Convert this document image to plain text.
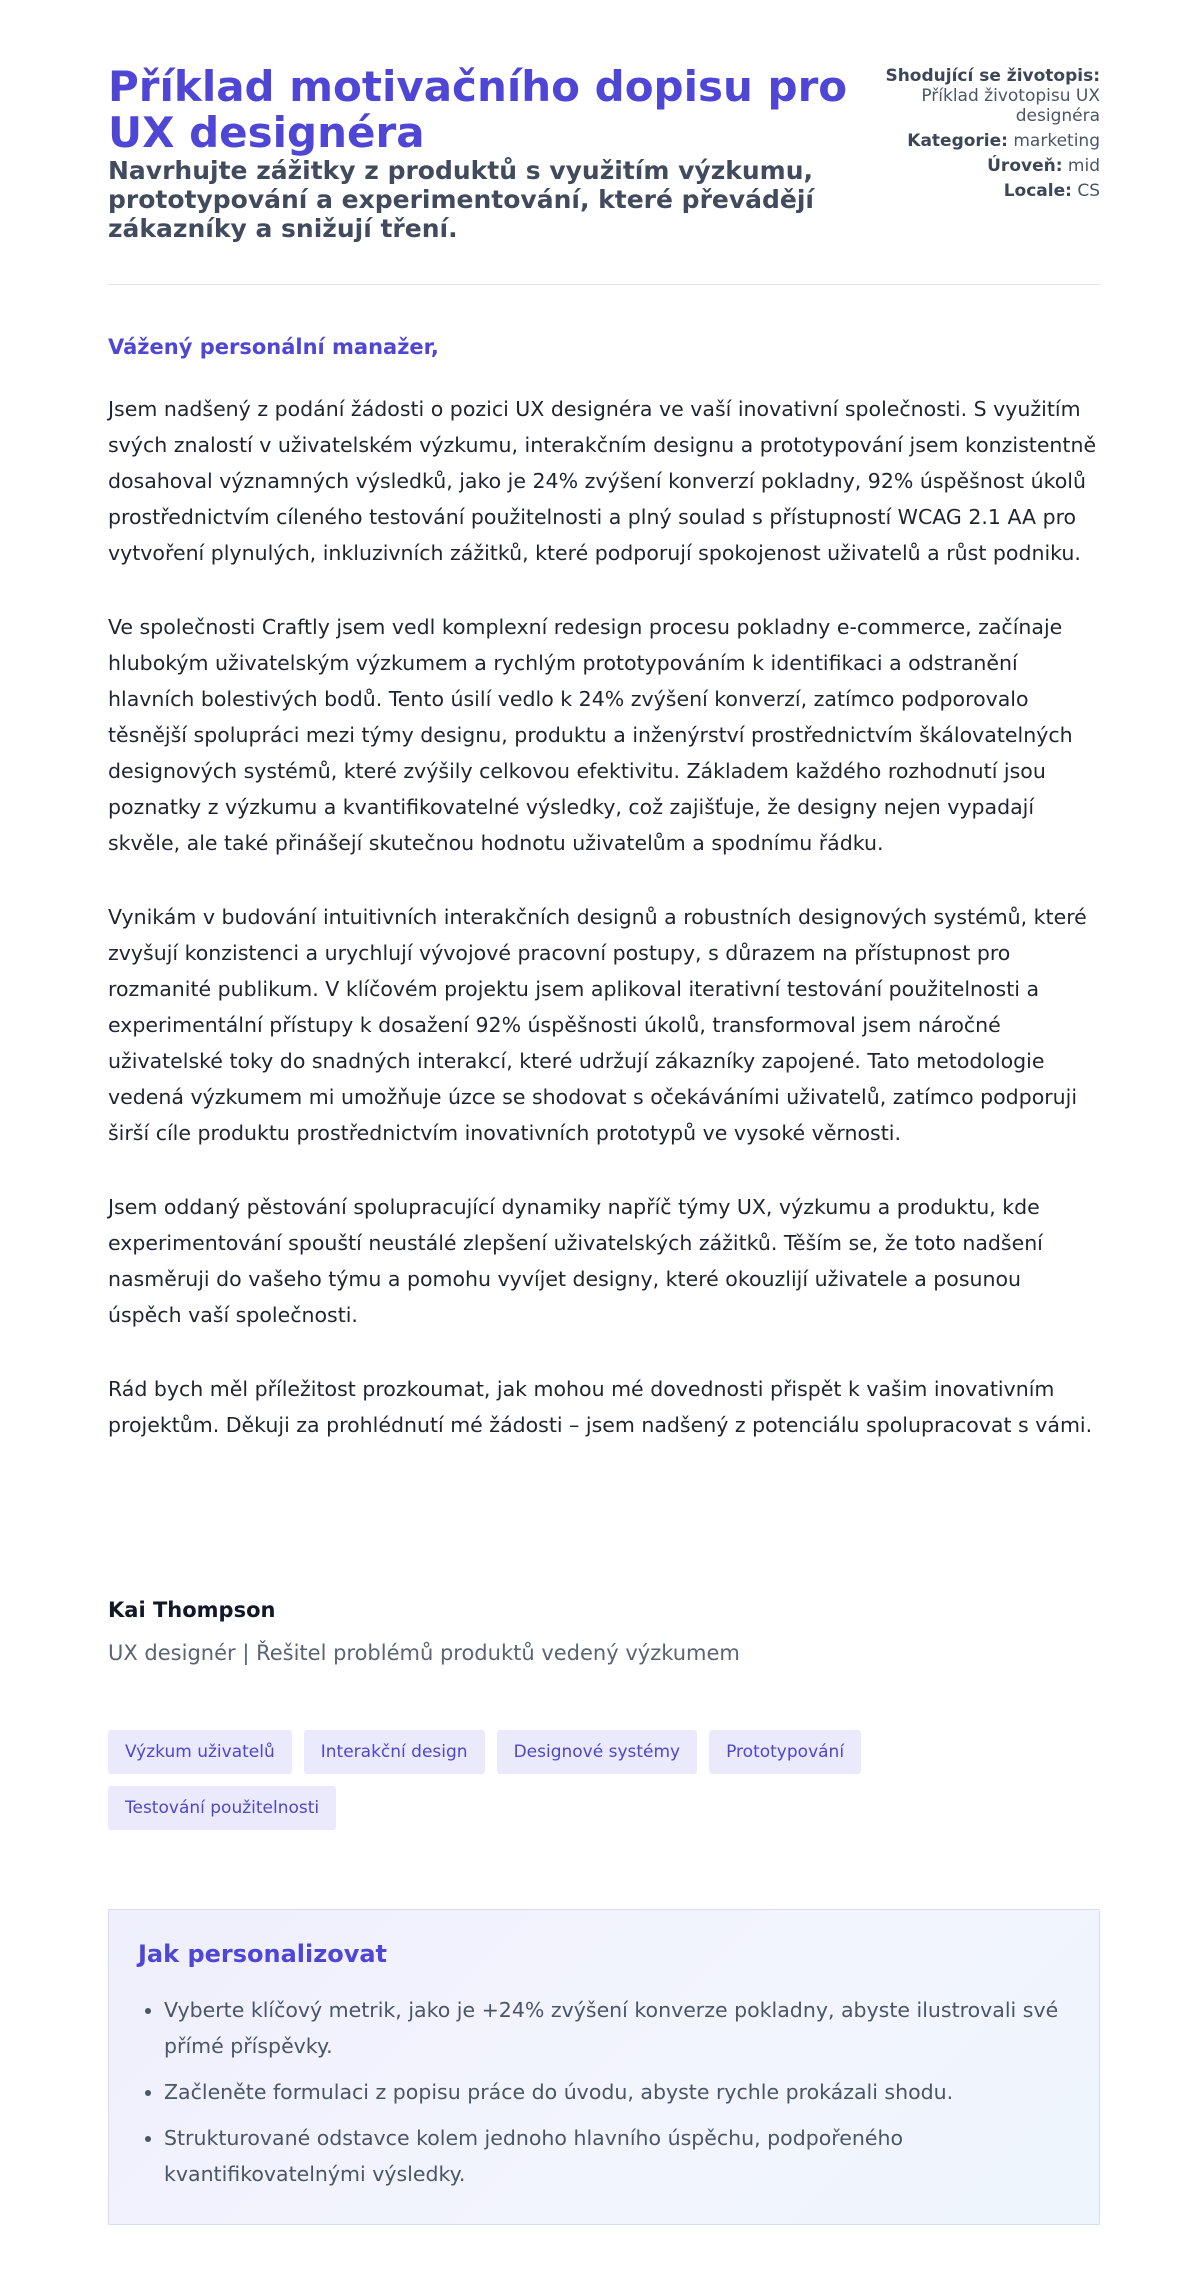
Příklad motivačního dopisu pro UX designéra
Navrhujte zážitky z produktů s využitím výzkumu, prototypování a experimentování, které převádějí zákazníky a snižují tření.
Shodující se životopis: Příklad životopisu UX designéra
Kategorie: marketing
Úroveň: mid
Locale: CS

Vážený personální manažer,

Jsem nadšený z podání žádosti o pozici UX designéra ve vaší inovativní společnosti. S využitím svých znalostí v uživatelském výzkumu, interakčním designu a prototypování jsem konzistentně dosahoval významných výsledků, jako je 24% zvýšení konverzí pokladny, 92% úspěšnost úkolů prostřednictvím cíleného testování použitelnosti a plný soulad s přístupností WCAG 2.1 AA pro vytvoření plynulých, inkluzivních zážitků, které podporují spokojenost uživatelů a růst podniku.

Ve společnosti Craftly jsem vedl komplexní redesign procesu pokladny e-commerce, začínaje hlubokým uživatelským výzkumem a rychlým prototypováním k identifikaci a odstranění hlavních bolestivých bodů. Tento úsilí vedlo k 24% zvýšení konverzí, zatímco podporovalo těsnější spolupráci mezi týmy designu, produktu a inženýrství prostřednictvím škálovatelných designových systémů, které zvýšily celkovou efektivitu. Základem každého rozhodnutí jsou poznatky z výzkumu a kvantifikovatelné výsledky, což zajišťuje, že designy nejen vypadají skvěle, ale také přinášejí skutečnou hodnotu uživatelům a spodnímu řádku.

Vynikám v budování intuitivních interakčních designů a robustních designových systémů, které zvyšují konzistenci a urychlují vývojové pracovní postupy, s důrazem na přístupnost pro rozmanité publikum. V klíčovém projektu jsem aplikoval iterativní testování použitelnosti a experimentální přístupy k dosažení 92% úspěšnosti úkolů, transformoval jsem náročné uživatelské toky do snadných interakcí, které udržují zákazníky zapojené. Tato metodologie vedená výzkumem mi umožňuje úzce se shodovat s očekáváními uživatelů, zatímco podporuji širší cíle produktu prostřednictvím inovativních prototypů ve vysoké věrnosti.

Jsem oddaný pěstování spolupracující dynamiky napříč týmy UX, výzkumu a produktu, kde experimentování spouští neustálé zlepšení uživatelských zážitků. Těším se, že toto nadšení nasměruji do vašeho týmu a pomohu vyvíjet designy, které okouzlijí uživatele a posunou úspěch vaší společnosti.

Rád bych měl příležitost prozkoumat, jak mohou mé dovednosti přispět k vašim inovativním projektům. Děkuji za prohlédnutí mé žádosti – jsem nadšený z potenciálu spolupracovat s vámi.

Kai Thompson

UX designér | Řešitel problémů produktů vedený výzkumem

Výzkum uživatelů	Interakční design	Designové systémy	Prototypování
Testování použitelnosti
Jak personalizovat
• Vyberte klíčový metrik, jako je +24% zvýšení konverze pokladny, abyste ilustrovali své přímé příspěvky.
• Začleněte formulaci z popisu práce do úvodu, abyste rychle prokázali shodu.
• Strukturované odstavce kolem jednoho hlavního úspěchu, podpořeného kvantifikovatelnými výsledky.
